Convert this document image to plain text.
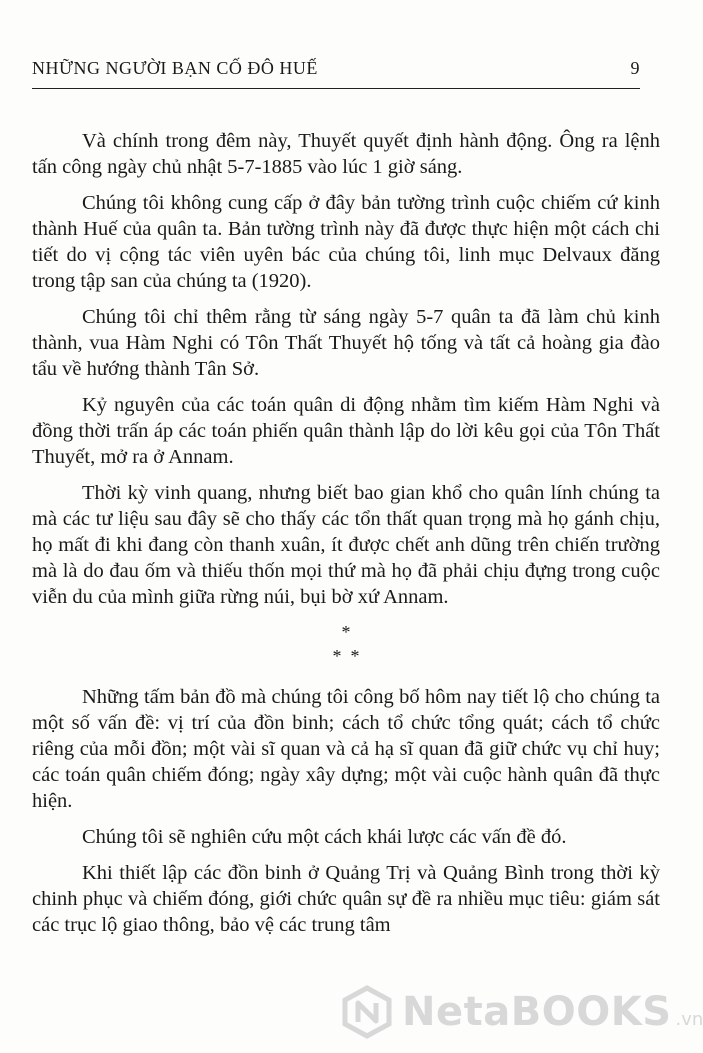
NHỮNG NGƯỜI BẠN CỐ ĐÔ HUẾ	9

Và chính trong đêm này, Thuyết quyết định hành động. Ông ra lệnh tấn công ngày chủ nhật 5-7-1885 vào lúc 1 giờ sáng.

Chúng tôi không cung cấp ở đây bản tường trình cuộc chiếm cứ kinh thành Huế của quân ta. Bản tường trình này đã được thực hiện một cách chi tiết do vị cộng tác viên uyên bác của chúng tôi, linh mục Delvaux đăng trong tập san của chúng ta (1920).

Chúng tôi chỉ thêm rằng từ sáng ngày 5-7 quân ta đã làm chủ kinh thành, vua Hàm Nghi có Tôn Thất Thuyết hộ tống và tất cả hoàng gia đào tẩu về hướng thành Tân Sở.

Kỷ nguyên của các toán quân di động nhằm tìm kiếm Hàm Nghi và đồng thời trấn áp các toán phiến quân thành lập do lời kêu gọi của Tôn Thất Thuyết, mở ra ở Annam.

Thời kỳ vinh quang, nhưng biết bao gian khổ cho quân lính chúng ta mà các tư liệu sau đây sẽ cho thấy các tổn thất quan trọng mà họ gánh chịu, họ mất đi khi đang còn thanh xuân, ít được chết anh dũng trên chiến trường mà là do đau ốm và thiếu thốn mọi thứ mà họ đã phải chịu đựng trong cuộc viễn du của mình giữa rừng núi, bụi bờ xứ Annam.

*
*  *

Những tấm bản đồ mà chúng tôi công bố hôm nay tiết lộ cho chúng ta một số vấn đề: vị trí của đồn binh; cách tổ chức tổng quát; cách tổ chức riêng của mỗi đồn; một vài sĩ quan và cả hạ sĩ quan đã giữ chức vụ chỉ huy; các toán quân chiếm đóng; ngày xây dựng; một vài cuộc hành quân đã thực hiện.

Chúng tôi sẽ nghiên cứu một cách khái lược các vấn đề đó.

Khi thiết lập các đồn binh ở Quảng Trị và Quảng Bình trong thời kỳ chinh phục và chiếm đóng, giới chức quân sự đề ra nhiều mục tiêu: giám sát các trục lộ giao thông, bảo vệ các trung tâm

NetaBOOKS .vn
